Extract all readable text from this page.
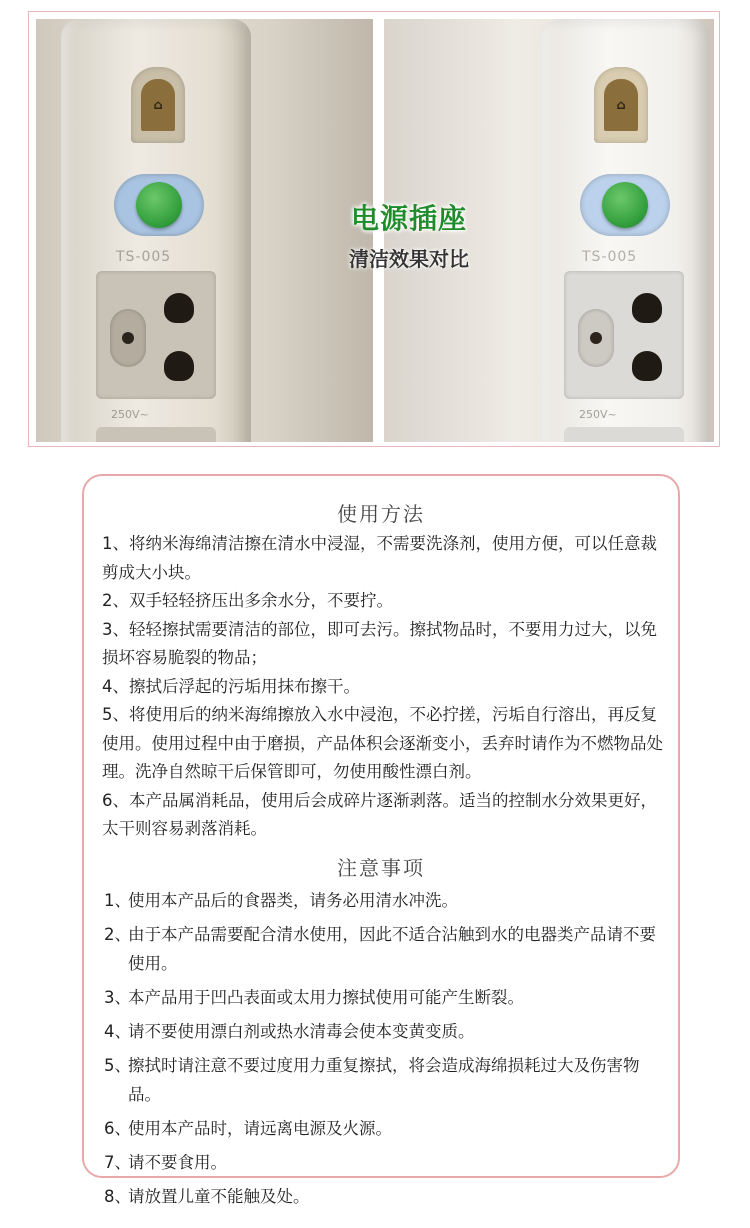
⌂
TS-005
250V~
⌂
TS-005
250V~
电源插座
清洁效果对比
使用方法
1、将纳米海绵清洁擦在清水中浸湿，不需要洗涤剂，使用方便，可以任意裁剪成大小块。
2、双手轻轻挤压出多余水分，不要拧。
3、轻轻擦拭需要清洁的部位，即可去污。擦拭物品时，不要用力过大，以免损坏容易脆裂的物品；
4、擦拭后浮起的污垢用抹布擦干。
5、将使用后的纳米海绵擦放入水中浸泡，不必拧搓，污垢自行溶出，再反复使用。使用过程中由于磨损，产品体积会逐渐变小，丢弃时请作为不燃物品处理。洗净自然晾干后保管即可，勿使用酸性漂白剂。
6、本产品属消耗品，使用后会成碎片逐渐剥落。适当的控制水分效果更好，太干则容易剥落消耗。
注意事项
1、使用本产品后的食器类，请务必用清水冲洗。
2、由于本产品需要配合清水使用，因此不适合沾触到水的电器类产品请不要使用。
3、本产品用于凹凸表面或太用力擦拭使用可能产生断裂。
4、请不要使用漂白剂或热水清毒会使本变黄变质。
5、擦拭时请注意不要过度用力重复擦拭，将会造成海绵损耗过大及伤害物品。
6、使用本产品时，请远离电源及火源。
7、请不要食用。
8、请放置儿童不能触及处。
